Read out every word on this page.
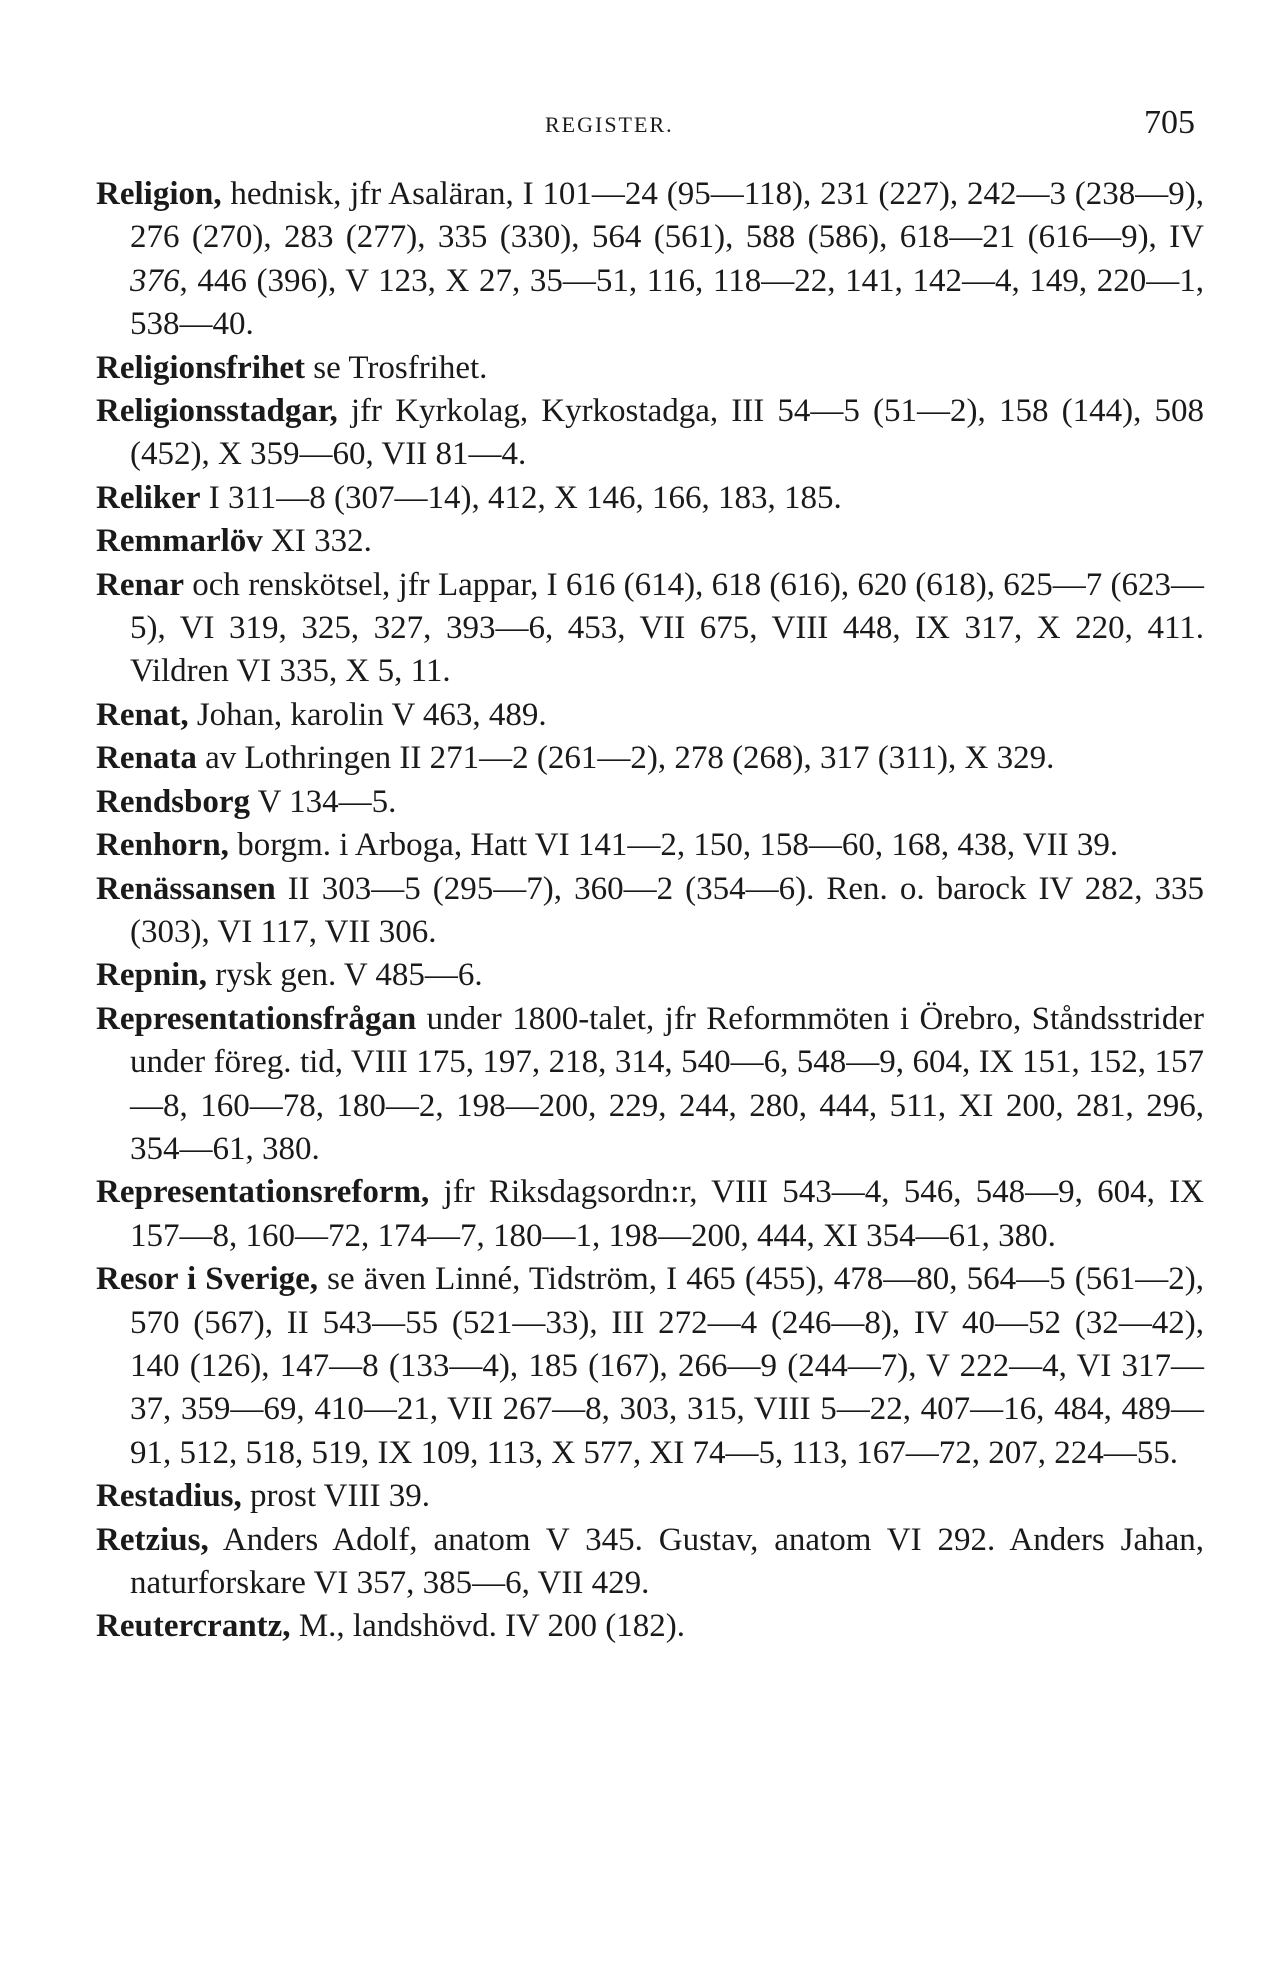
REGISTER.	705

Religion, hednisk, jfr Asaläran, I 101—24 (95—118), 231 (227), 242—3 (238—9), 276 (270), 283 (277), 335 (330), 564 (561), 588 (586), 618—21 (616—9), IV 376, 446 (396), V 123, X 27, 35—51, 116, 118—22, 141, 142—4, 149, 220—1, 538—40.

Religionsfrihet se Trosfrihet.

Religionsstadgar, jfr Kyrkolag, Kyrkostadga, III 54—5 (51—2), 158 (144), 508 (452), X 359—60, VII 81—4.

Reliker I 311—8 (307—14), 412, X 146, 166, 183, 185.

Remmarlöv XI 332.

Renar och renskötsel, jfr Lappar, I 616 (614), 618 (616), 620 (618), 625—7 (623—5), VI 319, 325, 327, 393—6, 453, VII 675, VIII 448, IX 317, X 220, 411. Vildren VI 335, X 5, 11.

Renat, Johan, karolin V 463, 489.

Renata av Lothringen II 271—2 (261—2), 278 (268), 317 (311), X 329.

Rendsborg V 134—5.

Renhorn, borgm. i Arboga, Hatt VI 141—2, 150, 158—60, 168, 438, VII 39.

Renässansen II 303—5 (295—7), 360—2 (354—6). Ren. o. barock IV 282, 335 (303), VI 117, VII 306.

Repnin, rysk gen. V 485—6.

Representationsfrågan under 1800-talet, jfr Reformmöten i Örebro, Ståndsstrider under föreg. tid, VIII 175, 197, 218, 314, 540—6, 548—9, 604, IX 151, 152, 157—8, 160—78, 180—2, 198—200, 229, 244, 280, 444, 511, XI 200, 281, 296, 354—61, 380.

Representationsreform, jfr Riksdagsordn:r, VIII 543—4, 546, 548—9, 604, IX 157—8, 160—72, 174—7, 180—1, 198—200, 444, XI 354—61, 380.

Resor i Sverige, se även Linné, Tidström, I 465 (455), 478—80, 564—5 (561—2), 570 (567), II 543—55 (521—33), III 272—4 (246—8), IV 40—52 (32—42), 140 (126), 147—8 (133—4), 185 (167), 266—9 (244—7), V 222—4, VI 317—37, 359—69, 410—21, VII 267—8, 303, 315, VIII 5—22, 407—16, 484, 489—91, 512, 518, 519, IX 109, 113, X 577, XI 74—5, 113, 167—72, 207, 224—55.

Restadius, prost VIII 39.

Retzius, Anders Adolf, anatom V 345. Gustav, anatom VI 292. Anders Jahan, naturforskare VI 357, 385—6, VII 429.

Reutercrantz, M., landshövd. IV 200 (182).
